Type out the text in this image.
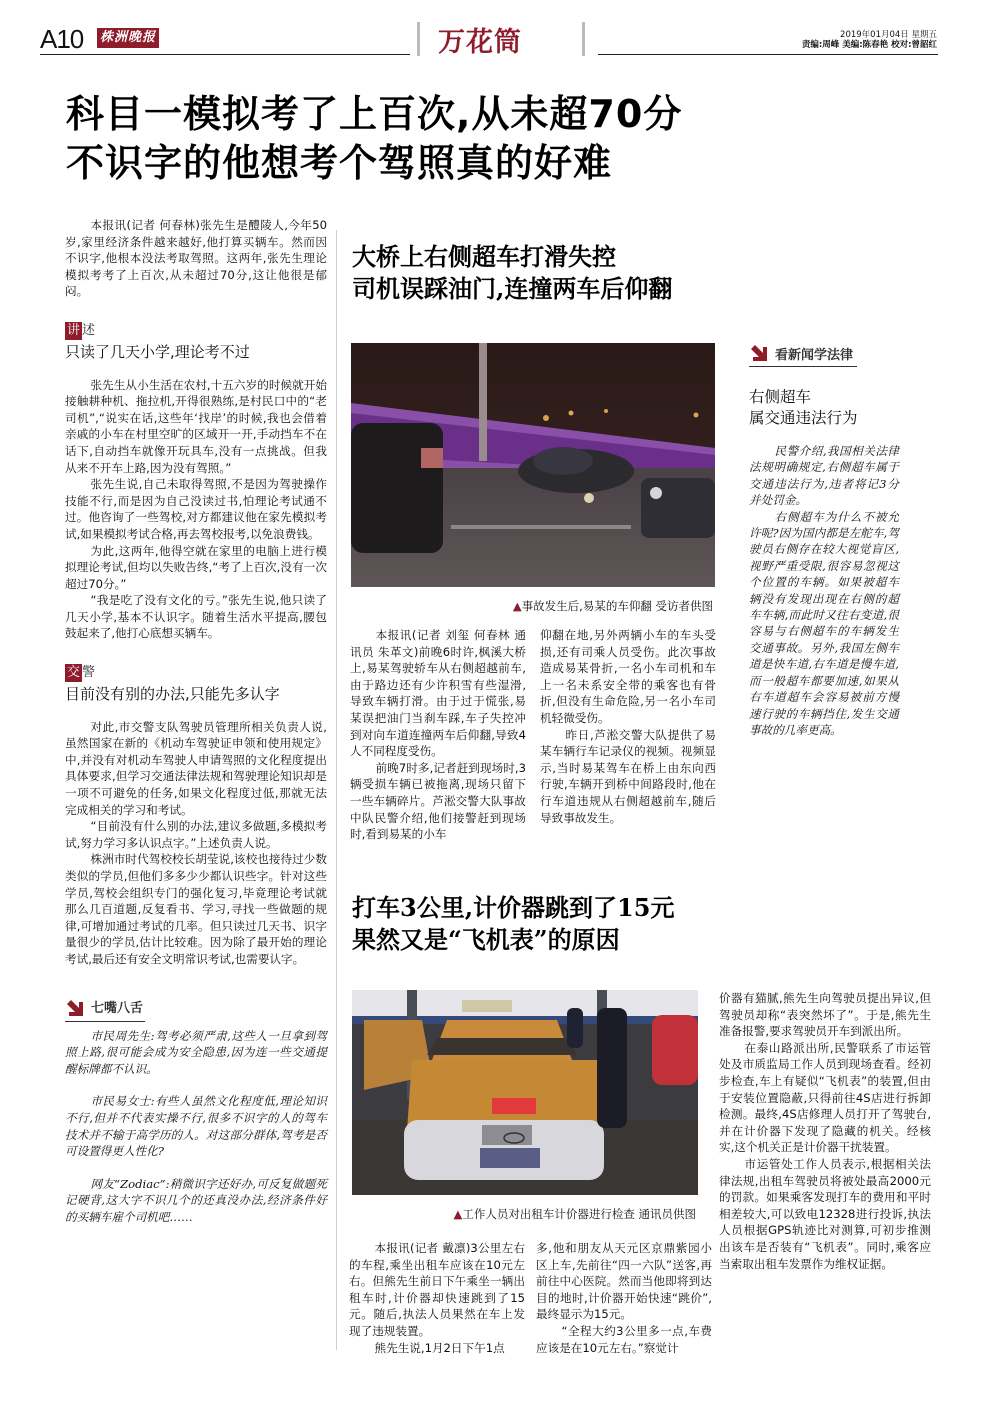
A10 株洲晚报	万花筒	2019年01月04日 星期五
责编:周峰 美编:陈春艳 校对:曾韶红
科目一模拟考了上百次,从未超70分
不识字的他想考个驾照真的好难

本报讯(记者 何春林)张先生是醴陵人,今年50岁,家里经济条件越来越好,他打算买辆车。然而因不识字,他根本没法考取驾照。这两年,张先生理论模拟考考了上百次,从未超过70分,这让他很是郁闷。

讲 述
只读了几天小学,理论考不过

张先生从小生活在农村,十五六岁的时候就开始接触耕种机、拖拉机,开得很熟练,是村民口中的“老司机”,“说实在话,这些年‘找岸’的时候,我也会借着亲戚的小车在村里空旷的区域开一开,手动挡车不在话下,自动挡车就像开玩具车,没有一点挑战。但我从来不开车上路,因为没有驾照。”

张先生说,自己未取得驾照,不是因为驾驶操作技能不行,而是因为自己没读过书,怕理论考试通不过。他咨询了一些驾校,对方都建议他在家先模拟考试,如果模拟考试合格,再去驾校报考,以免浪费钱。

为此,这两年,他得空就在家里的电脑上进行模拟理论考试,但均以失败告终,“考了上百次,没有一次超过70分。”

“我是吃了没有文化的亏。”张先生说,他只读了几天小学,基本不认识字。随着生活水平提高,腰包鼓起来了,他打心底想买辆车。

交 警
目前没有别的办法,只能先多认字

对此,市交警支队驾驶员管理所相关负责人说,虽然国家在新的《机动车驾驶证申领和使用规定》中,并没有对机动车驾驶人申请驾照的文化程度提出具体要求,但学习交通法律法规和驾驶理论知识却是一项不可避免的任务,如果文化程度过低,那就无法完成相关的学习和考试。

“目前没有什么别的办法,建议多做题,多模拟考试,努力学习多认识点字。”上述负责人说。

株洲市时代驾校校长胡莹说,该校也接待过少数类似的学员,但他们多多少少都认识些字。针对这些学员,驾校会组织专门的强化复习,毕竟理论考试就那么几百道题,反复看书、学习,寻找一些做题的规律,可增加通过考试的几率。但只读过几天书、识字量很少的学员,估计比较难。因为除了最开始的理论考试,最后还有安全文明常识考试,也需要认字。

七嘴八舌

市民周先生:驾考必须严肃,这些人一旦拿到驾照上路,很可能会成为安全隐患,因为连一些交通提醒标牌都不认识。

市民易女士:有些人虽然文化程度低,理论知识不行,但并不代表实操不行,很多不识字的人的驾车技术并不输于高学历的人。对这部分群体,驾考是否可设置得更人性化?

网友“Zodiac”:稍微识字还好办,可反复做题死记硬背,这大字不识几个的还真没办法,经济条件好的买辆车雇个司机吧……

大桥上右侧超车打滑失控
司机误踩油门,连撞两车后仰翻
▲事故发生后,易某的车仰翻 受访者供图

本报讯(记者 刘玺 何春林 通讯员 朱革文)前晚6时许,枫溪大桥上,易某驾驶轿车从右侧超越前车,由于路边还有少许积雪有些湿滑,导致车辆打滑。由于过于慌张,易某误把油门当刹车踩,车子失控冲到对向车道连撞两车后仰翻,导致4人不同程度受伤。

前晚7时多,记者赶到现场时,3辆受损车辆已被拖离,现场只留下一些车辆碎片。芦淞交警大队事故中队民警介绍,他们接警赶到现场时,看到易某的小车

仰翻在地,另外两辆小车的车头受损,还有司乘人员受伤。此次事故造成易某骨折,一名小车司机和车上一名未系安全带的乘客也有骨折,但没有生命危险,另一名小车司机轻微受伤。

昨日,芦淞交警大队提供了易某车辆行车记录仪的视频。视频显示,当时易某驾车在桥上由东向西行驶,车辆开到桥中间路段时,他在行车道违规从右侧超越前车,随后导致事故发生。

看新闻学法律
右侧超车
属交通违法行为

民警介绍,我国相关法律法规明确规定,右侧超车属于交通违法行为,违者将记3分并处罚金。

右侧超车为什么不被允许呢?因为国内都是左舵车,驾驶员右侧存在较大视觉盲区,视野严重受限,很容易忽视这个位置的车辆。如果被超车辆没有发现出现在右侧的超车车辆,而此时又往右变道,很容易与右侧超车的车辆发生交通事故。另外,我国左侧车道是快车道,右车道是慢车道,而一般超车都要加速,如果从右车道超车会容易被前方慢速行驶的车辆挡住,发生交通事故的几率更高。

打车3公里,计价器跳到了15元
果然又是“飞机表”的原因
▲工作人员对出租车计价器进行检查 通讯员供图

本报讯(记者 戴凛)3公里左右的车程,乘坐出租车应该在10元左右。但熊先生前日下午乘坐一辆出租车时,计价器却快速跳到了15元。随后,执法人员果然在车上发现了违规装置。

熊先生说,1月2日下午1点

多,他和朋友从天元区京鼎紫园小区上车,先前往“四一六队”送客,再前往中心医院。然而当他即将到达目的地时,计价器开始快速“跳价”,最终显示为15元。

“全程大约3公里多一点,车费应该是在10元左右。”察觉计

价器有猫腻,熊先生向驾驶员提出异议,但驾驶员却称“表突然坏了”。于是,熊先生准备报警,要求驾驶员开车到派出所。

在泰山路派出所,民警联系了市运管处及市质监局工作人员到现场查看。经初步检查,车上有疑似“飞机表”的装置,但由于安装位置隐蔽,只得前往4S店进行拆卸检测。最终,4S店修理人员打开了驾驶台,并在计价器下发现了隐藏的机关。经核实,这个机关正是计价器干扰装置。

市运管处工作人员表示,根据相关法律法规,出租车驾驶员将被处最高2000元的罚款。如果乘客发现打车的费用和平时相差较大,可以致电12328进行投诉,执法人员根据GPS轨迹比对测算,可初步推测出该车是否装有“飞机表”。同时,乘客应当索取出租车发票作为维权证据。
